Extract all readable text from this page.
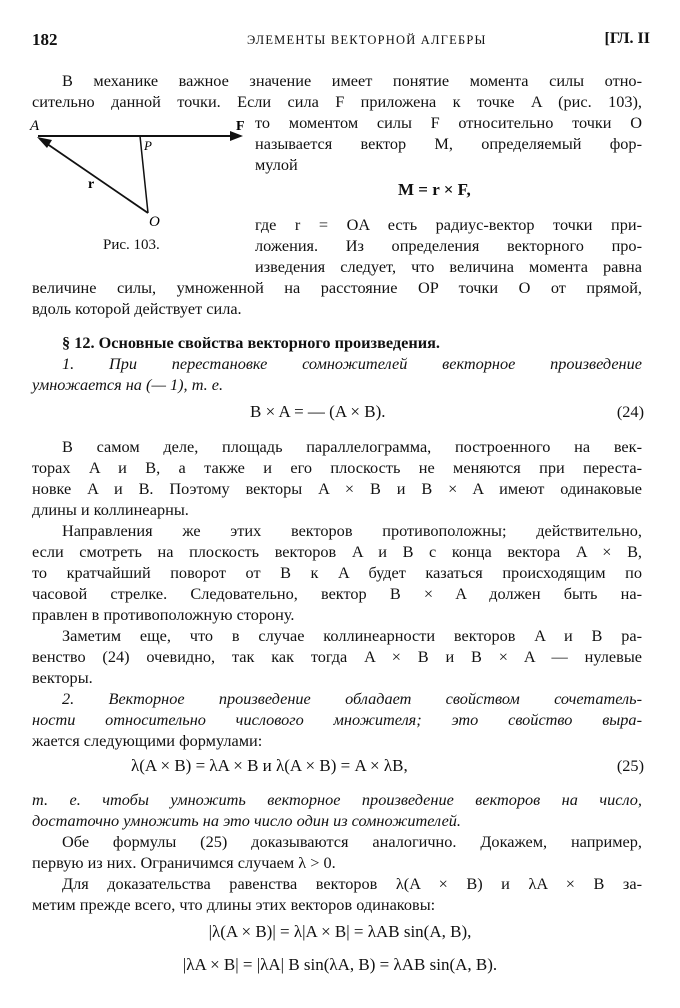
182	ЭЛЕМЕНТЫ ВЕКТОРНОЙ АЛГЕБРЫ	[ГЛ. II
A	F
P
r
O
Рис. 103.
В механике важное значение имеет понятие момента силы отно-
сительно данной точки. Если сила F приложена к точке A (рис. 103),
то моментом силы F относительно точки O
называется вектор M, определяемый фор-
мулой
M = r × F,
где r = OA есть радиус-вектор точки при-
ложения. Из определения векторного про-
изведения следует, что величина момента равна
величине силы, умноженной на расстояние OP точки O от прямой,
вдоль которой действует сила.
§ 12. Основные свойства векторного произведения.
1. При перестановке сомножителей векторное произведение
умножается на (— 1), т. е.
B × A = — (A × B).	(24)
В самом деле, площадь параллелограмма, построенного на век-
торах A и B, а также и его плоскость не меняются при переста-
новке A и B. Поэтому векторы A × B и B × A имеют одинаковые
длины и коллинеарны.
Направления же этих векторов противоположны; действительно,
если смотреть на плоскость векторов A и B с конца вектора A × B,
то кратчайший поворот от B к A будет казаться происходящим по
часовой стрелке. Следовательно, вектор B × A должен быть на-
правлен в противоположную сторону.
Заметим еще, что в случае коллинеарности векторов A и B ра-
венство (24) очевидно, так как тогда A × B и B × A — нулевые
векторы.
2. Векторное произведение обладает свойством сочетатель-
ности относительно числового множителя; это свойство выра-
жается следующими формулами:
λ(A × B) = λA × B и λ(A × B) = A × λB,	(25)
т. е. чтобы умножить векторное произведение векторов на число,
достаточно умножить на это число один из сомножителей.
Обе формулы (25) доказываются аналогично. Докажем, например,
первую из них. Ограничимся случаем λ > 0.
Для доказательства равенства векторов λ(A × B) и λA × B за-
метим прежде всего, что длины этих векторов одинаковы:
|λ(A × B)| = λ|A × B| = λAB sin(A, B),
|λA × B| = |λA| B sin(λA, B) = λAB sin(A, B).
